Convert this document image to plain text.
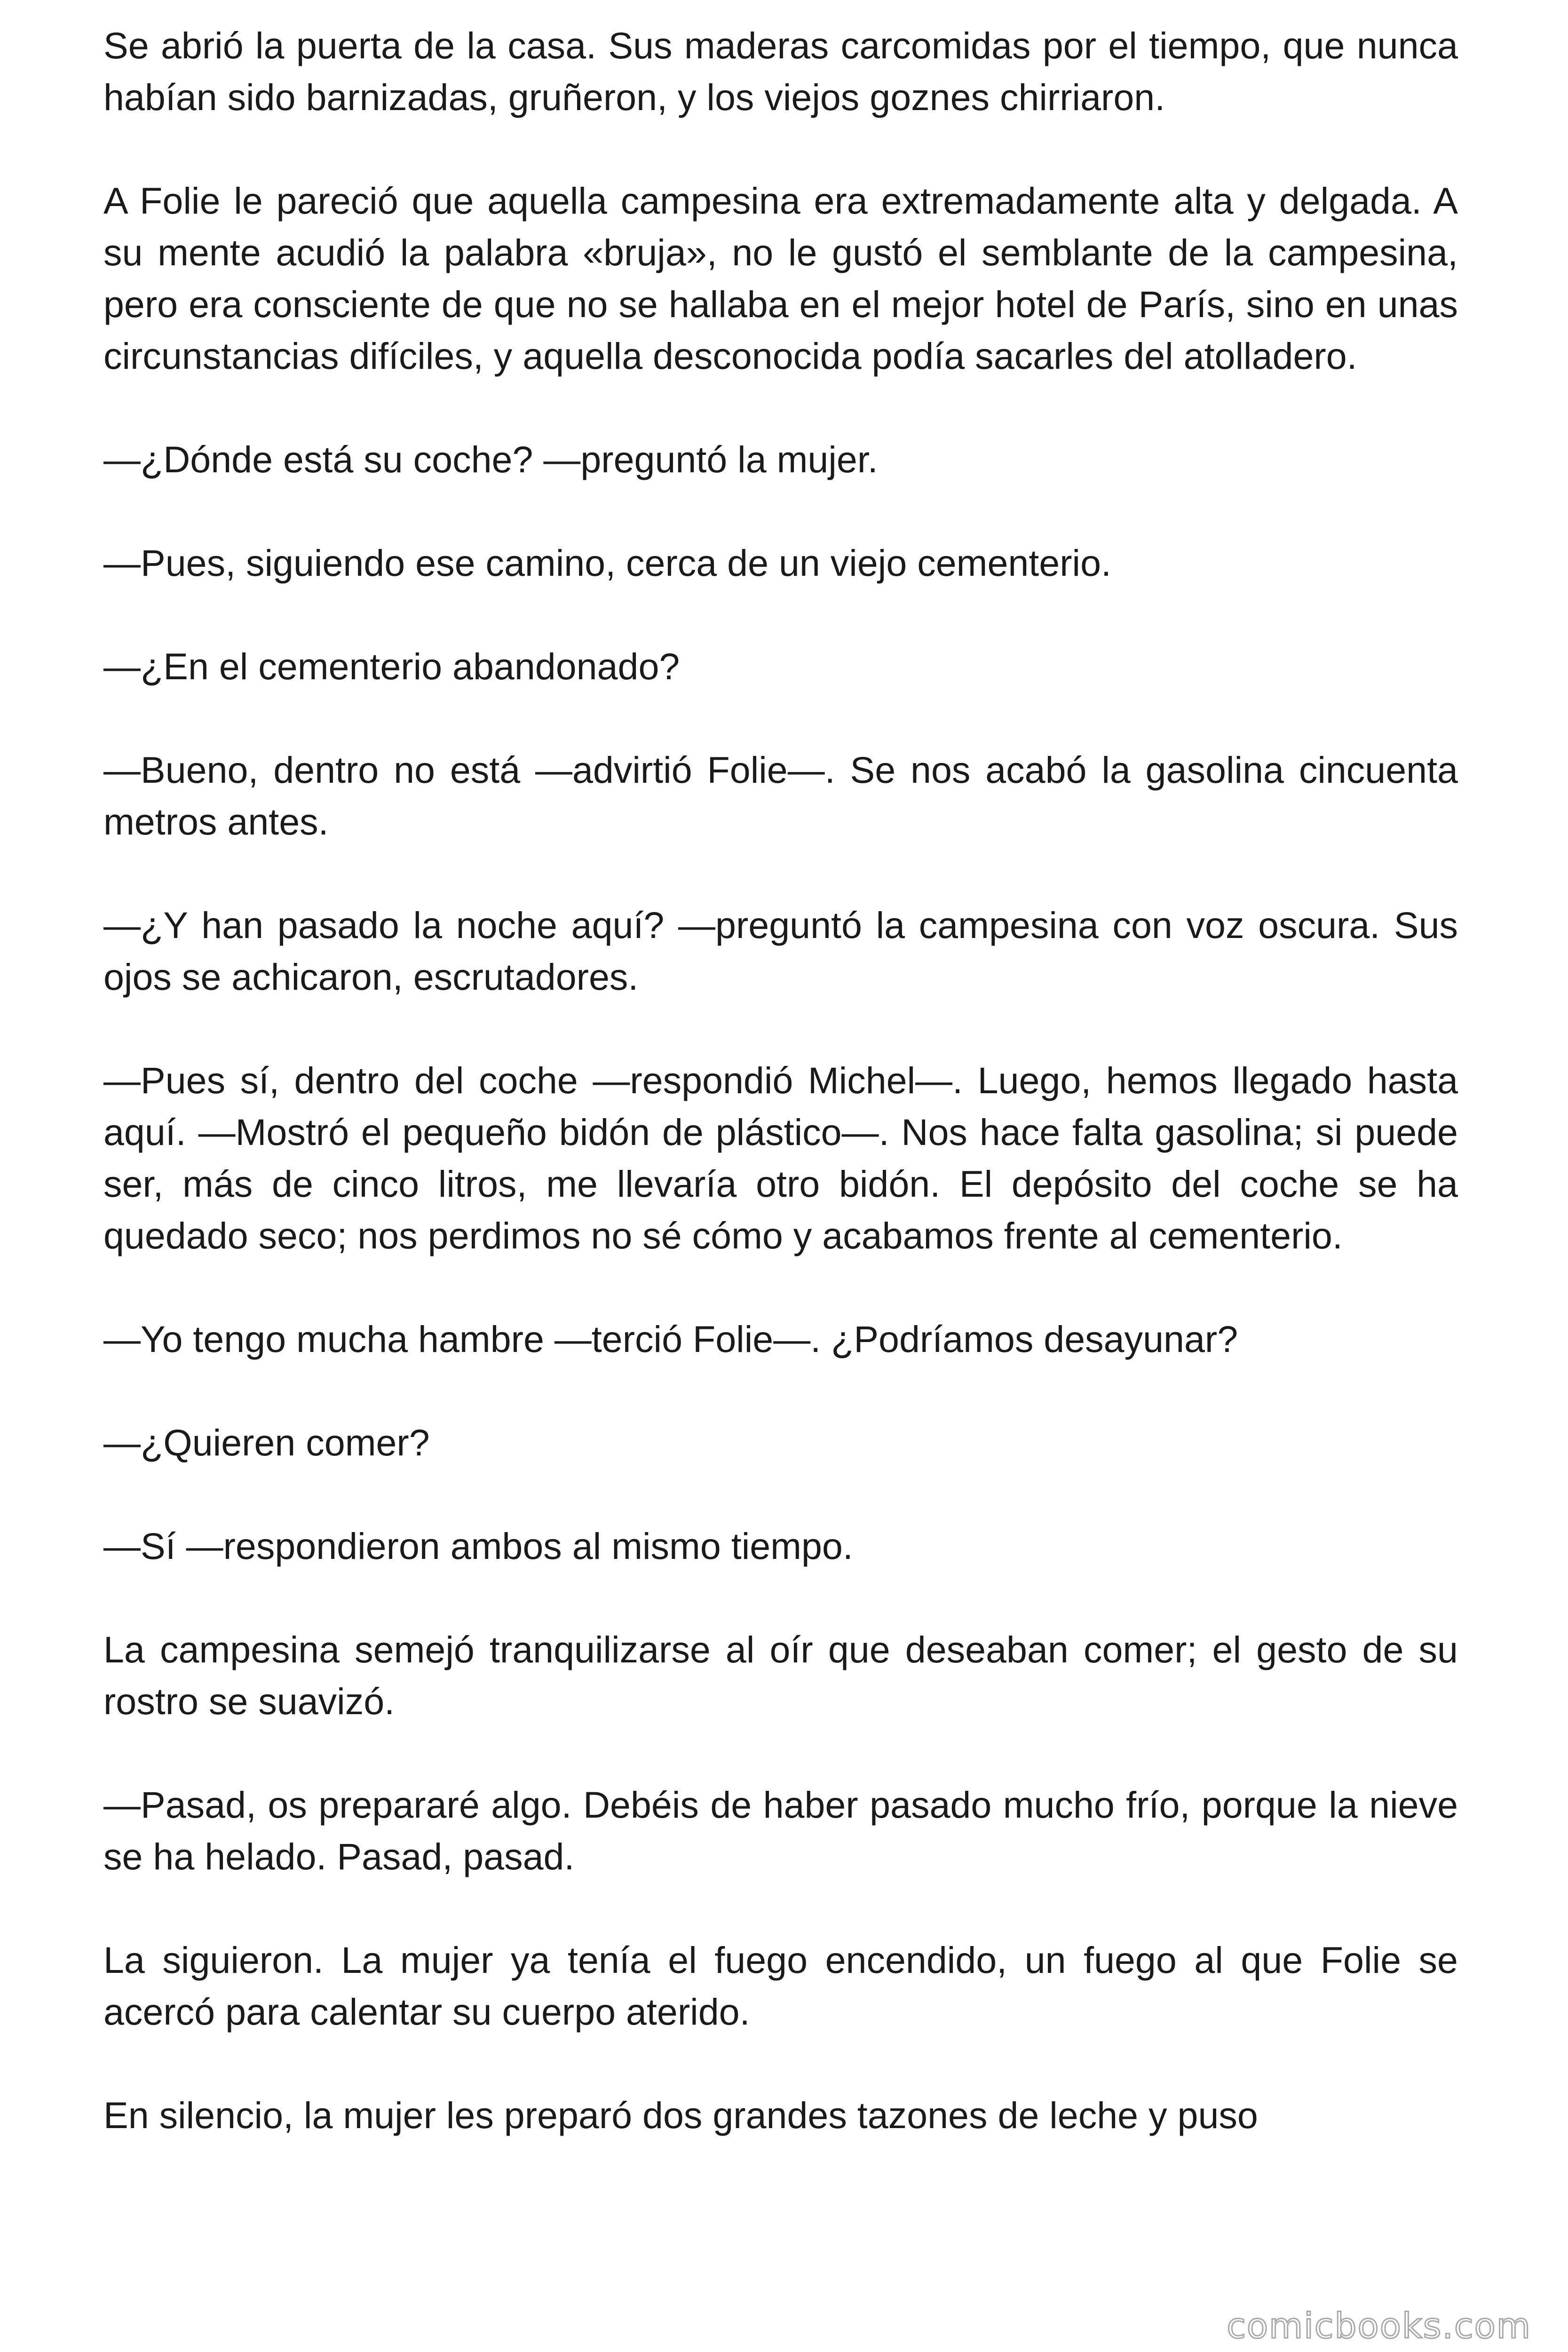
Se abrió la puerta de la casa. Sus maderas carcomidas por el tiempo, que nunca habían sido barnizadas, gruñeron, y los viejos goznes chirriaron.

A Folie le pareció que aquella campesina era extremadamente alta y delgada. A su mente acudió la palabra «bruja», no le gustó el semblante de la campesina, pero era consciente de que no se hallaba en el mejor hotel de París, sino en unas circunstancias difíciles, y aquella desconocida podía sacarles del atolladero.

—¿Dónde está su coche? —preguntó la mujer.

—Pues, siguiendo ese camino, cerca de un viejo cementerio.

—¿En el cementerio abandonado?

—Bueno, dentro no está —advirtió Folie—. Se nos acabó la gasolina cincuenta metros antes.

—¿Y han pasado la noche aquí? —preguntó la campesina con voz oscura. Sus ojos se achicaron, escrutadores.

—Pues sí, dentro del coche —respondió Michel—. Luego, hemos llegado hasta aquí. —Mostró el pequeño bidón de plástico—. Nos hace falta gasolina; si puede ser, más de cinco litros, me llevaría otro bidón. El depósito del coche se ha quedado seco; nos perdimos no sé cómo y acabamos frente al cementerio.

—Yo tengo mucha hambre —terció Folie—. ¿Podríamos desayunar?

—¿Quieren comer?

—Sí —respondieron ambos al mismo tiempo.

La campesina semejó tranquilizarse al oír que deseaban comer; el gesto de su rostro se suavizó.

—Pasad, os prepararé algo. Debéis de haber pasado mucho frío, porque la nieve se ha helado. Pasad, pasad.

La siguieron. La mujer ya tenía el fuego encendido, un fuego al que Folie se acercó para calentar su cuerpo aterido.

En silencio, la mujer les preparó dos grandes tazones de leche y puso

comicbooks.com
